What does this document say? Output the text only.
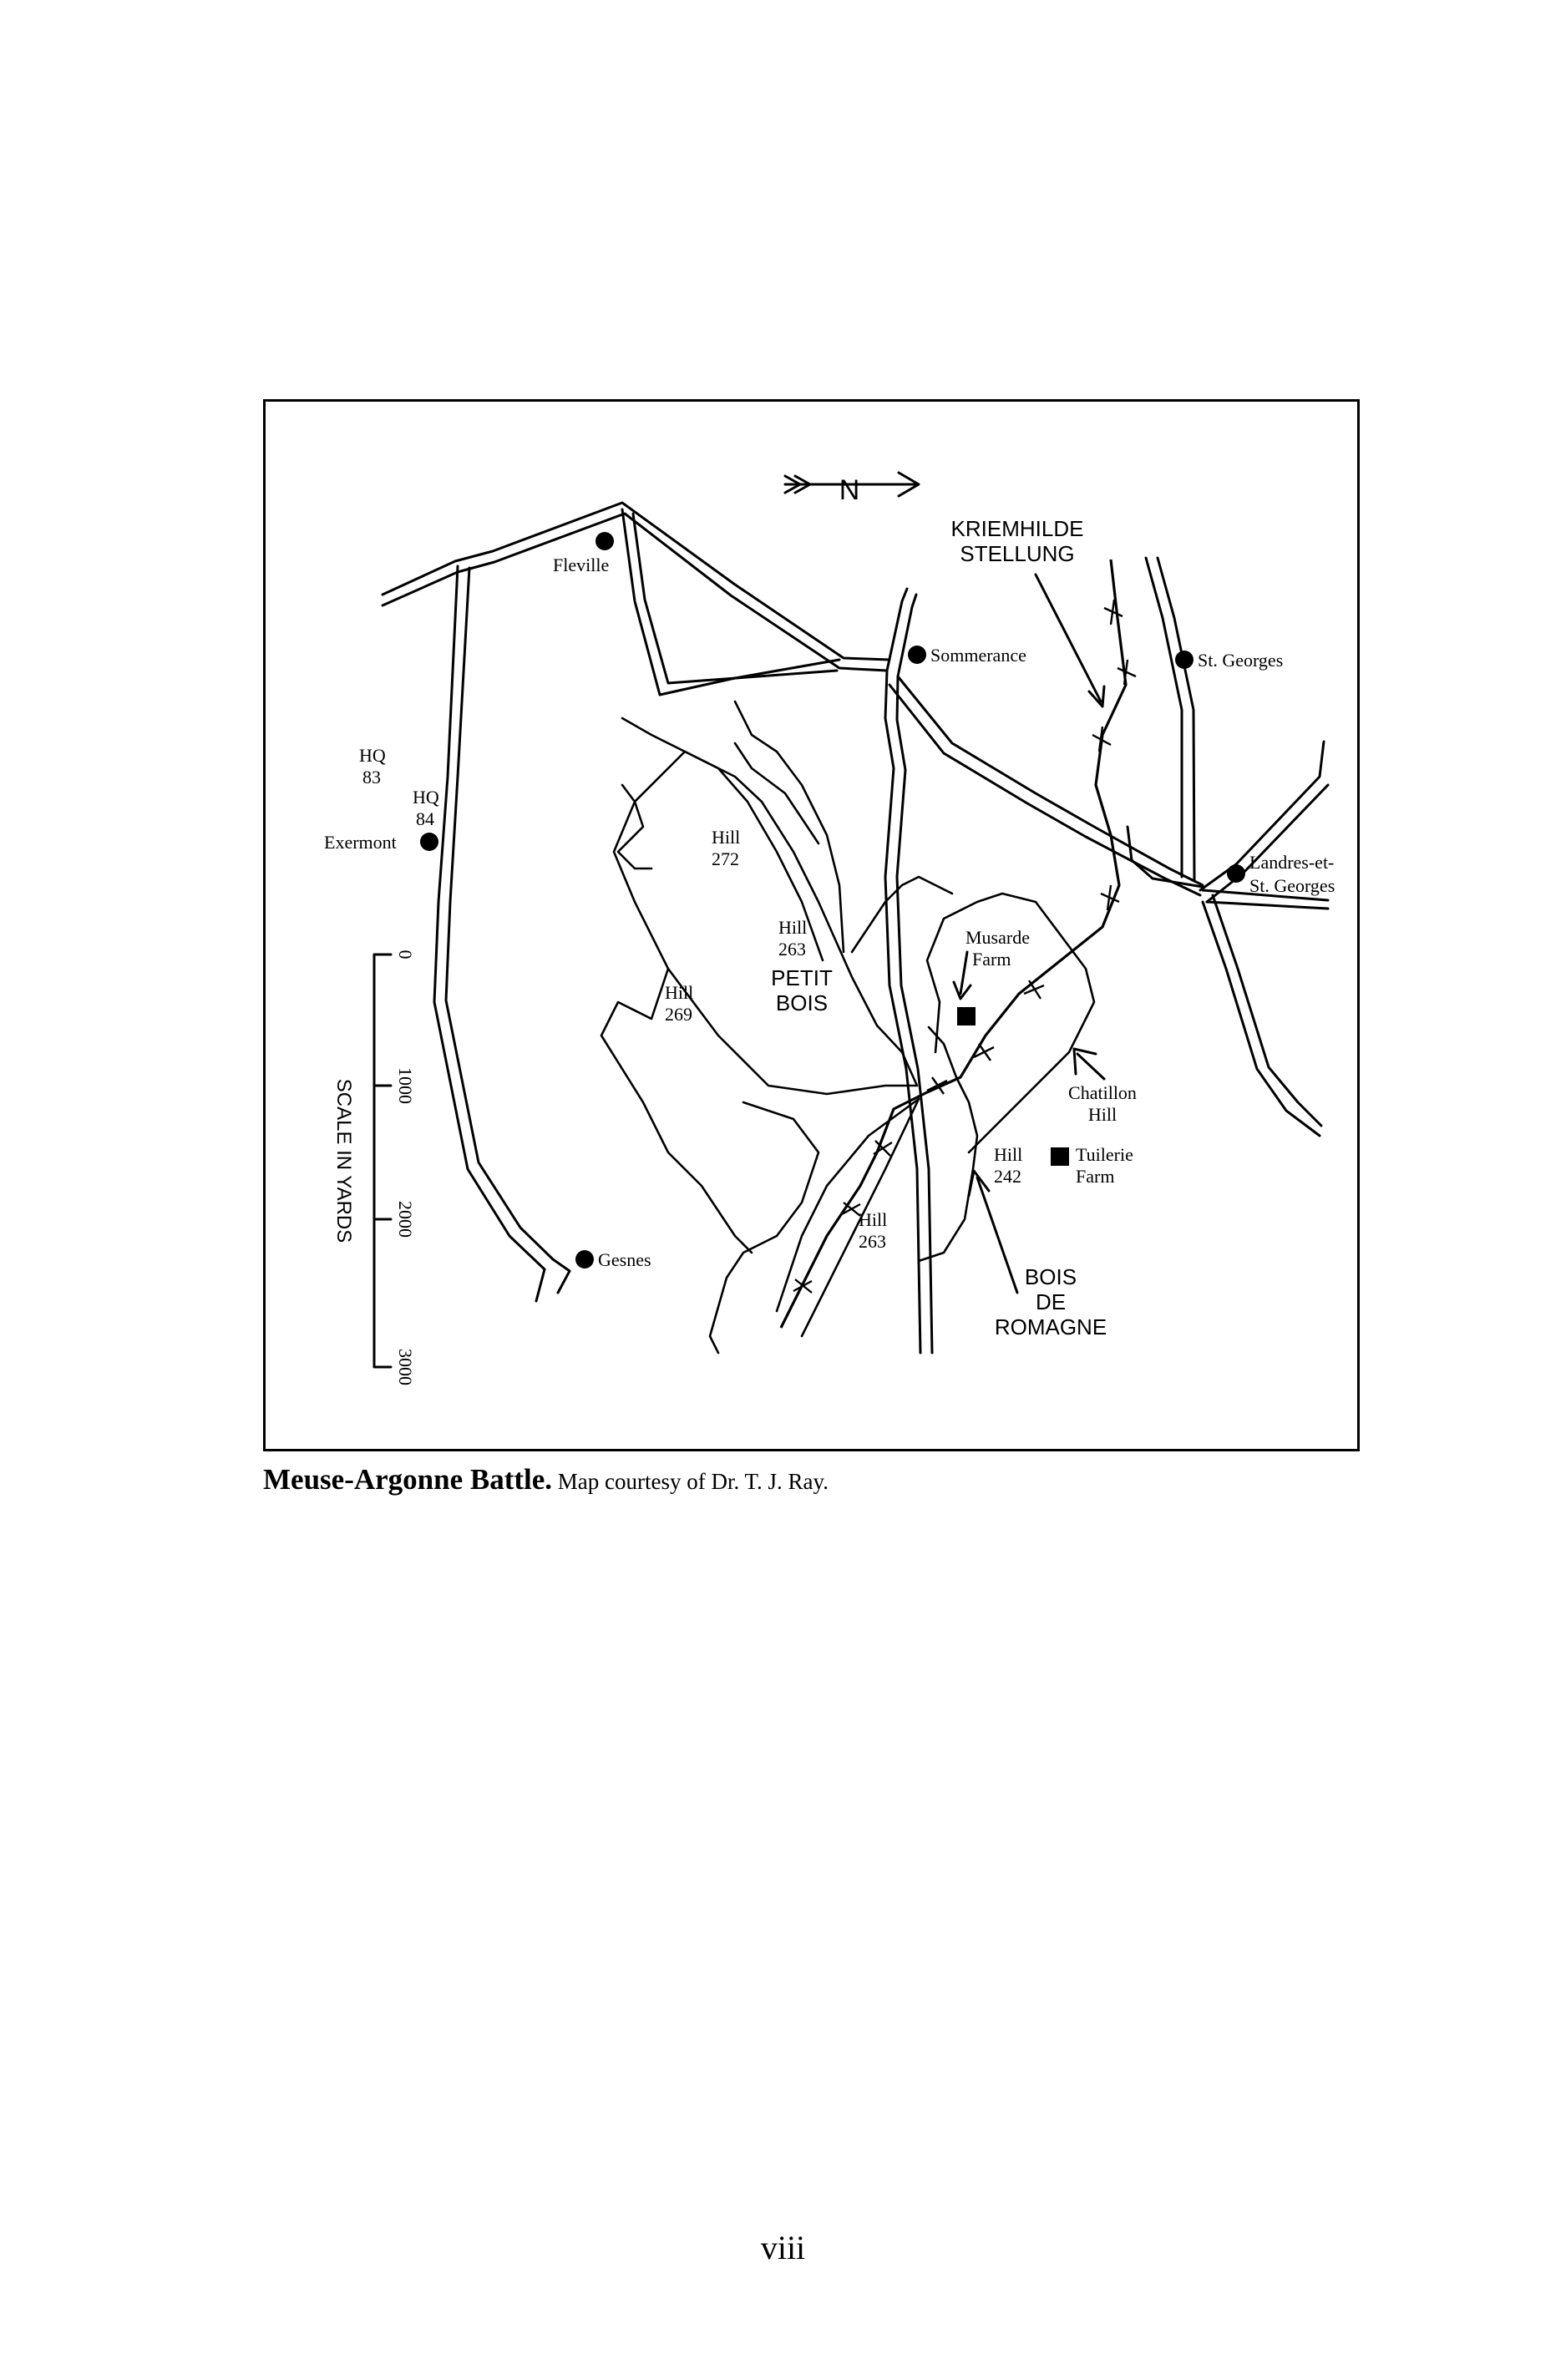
N
SCALE IN YARDS
0
1000
2000
3000
Fleville
Sommerance	St. Georges
Landres-et-
St. Georges
Exermont
Gesnes
HQ
83
HQ
84
KRIEMHILDE
STELLUNG
Hill
272
Hill
263
PETIT
BOIS
Hill
269
Musarde
Farm
Chatillon
Hill
Hill
242
Tuilerie
Farm
Hill
263
BOIS
DE
ROMAGNE
Meuse-Argonne Battle. Map courtesy of Dr. T. J. Ray.
viii
